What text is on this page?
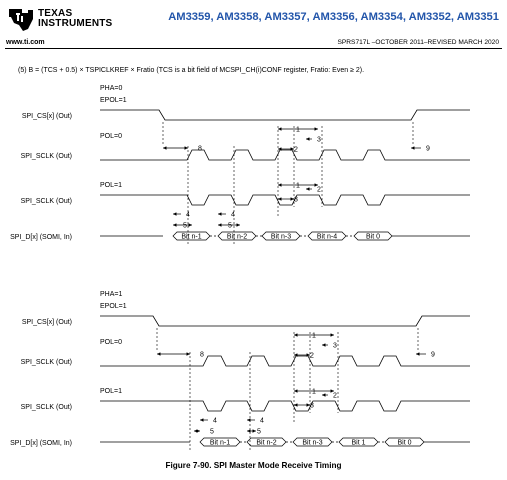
TEXAS
INSTRUMENTS
AM3359, AM3358, AM3357, AM3356, AM3354, AM3352, AM3351
www.ti.com	SPRS717L –OCTOBER 2011–REVISED MARCH 2020
(5) B = (TCS + 0.5) × TSPICLKREF × Fratio (TCS is a bit field of MCSPI_CH(i)CONF register, Fratio: Even ≥ 2).
PHA=0
EPOL=1
SPI_CS[x] (Out)
POL=0
SPI_SCLK (Out)
POL=1
SPI_SCLK (Out)
SPI_D[x] (SOMI, In)	Bit n-1	Bit n-2	Bit n-3	Bit n-4	Bit 0
1
3
2
8	9
1
2
3
4	4
5	5
PHA=1
EPOL=1
SPI_CS[x] (Out)
POL=0
SPI_SCLK (Out)
POL=1
SPI_SCLK (Out)
SPI_D[x] (SOMI, In)	Bit n-1	Bit n-2	Bit n-3	Bit 1	Bit 0
1
3
2
8	9
1
2
3
4	4
5	5
Figure 7-90. SPI Master Mode Receive Timing
